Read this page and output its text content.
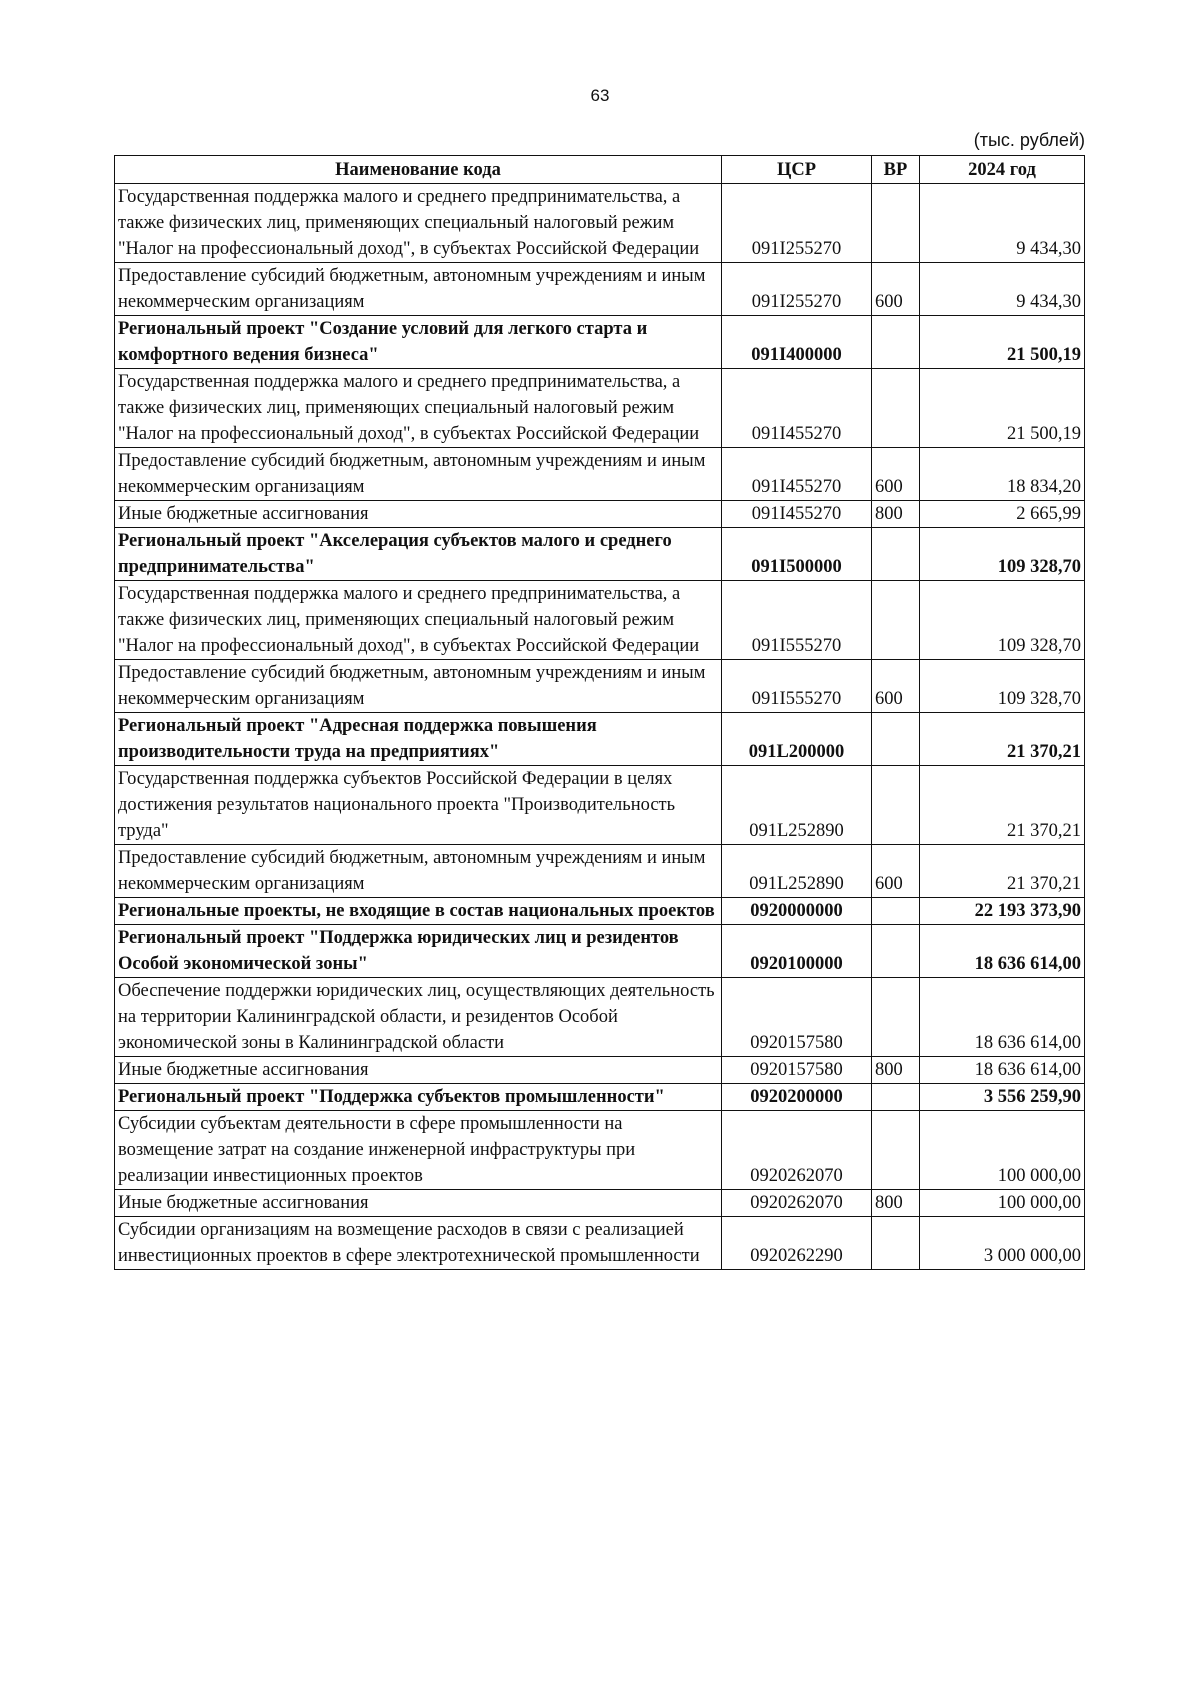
63
(тыс. рублей)
Наименование кода	ЦСР	ВР	2024 год
Государственная поддержка малого и среднего предпринимательства, а также физических лиц, применяющих специальный налоговый режим "Налог на профессиональный доход", в субъектах Российской Федерации	091I255270		9 434,30
Предоставление субсидий бюджетным, автономным учреждениям и иным некоммерческим организациям	091I255270	600	9 434,30
Региональный проект "Создание условий для легкого старта и комфортного ведения бизнеса"	091I400000		21 500,19
Государственная поддержка малого и среднего предпринимательства, а также физических лиц, применяющих специальный налоговый режим "Налог на профессиональный доход", в субъектах Российской Федерации	091I455270		21 500,19
Предоставление субсидий бюджетным, автономным учреждениям и иным некоммерческим организациям	091I455270	600	18 834,20
Иные бюджетные ассигнования	091I455270	800	2 665,99
Региональный проект "Акселерация субъектов малого и среднего предпринимательства"	091I500000		109 328,70
Государственная поддержка малого и среднего предпринимательства, а также физических лиц, применяющих специальный налоговый режим "Налог на профессиональный доход", в субъектах Российской Федерации	091I555270		109 328,70
Предоставление субсидий бюджетным, автономным учреждениям и иным некоммерческим организациям	091I555270	600	109 328,70
Региональный проект "Адресная поддержка повышения производительности труда на предприятиях"	091L200000		21 370,21
Государственная поддержка субъектов Российской Федерации в целях достижения результатов национального проекта "Производительность труда"	091L252890		21 370,21
Предоставление субсидий бюджетным, автономным учреждениям и иным некоммерческим организациям	091L252890	600	21 370,21
Региональные проекты, не входящие в состав национальных проектов	0920000000		22 193 373,90
Региональный проект "Поддержка юридических лиц и резидентов Особой экономической зоны"	0920100000		18 636 614,00
Обеспечение поддержки юридических лиц, осуществляющих деятельность на территории Калининградской области, и резидентов Особой экономической зоны в Калининградской области	0920157580		18 636 614,00
Иные бюджетные ассигнования	0920157580	800	18 636 614,00
Региональный проект "Поддержка субъектов промышленности"	0920200000		3 556 259,90
Субсидии субъектам деятельности в сфере промышленности на возмещение затрат на создание инженерной инфраструктуры при реализации инвестиционных проектов	0920262070		100 000,00
Иные бюджетные ассигнования	0920262070	800	100 000,00
Субсидии организациям на возмещение расходов в связи с реализацией инвестиционных проектов в сфере электротехнической промышленности	0920262290		3 000 000,00
